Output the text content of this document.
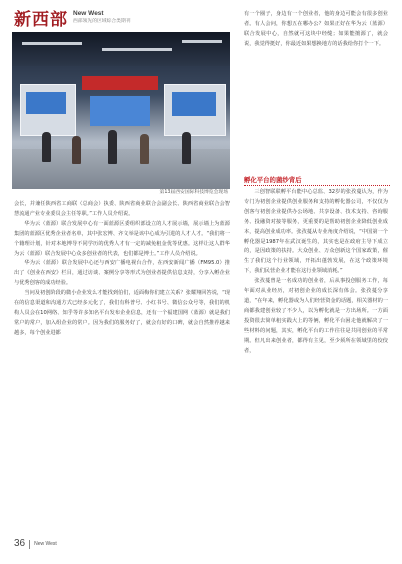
新西部 New West
西部领先的区域综合类期刊
第13届西安国际科技博览会现场

会长，并兼任陕西省工商联（总商会）执委、陕西省商业联合会副会长、陕西省商业联合会智慧流通产业专业委员会主任等职。”工作人员介绍说。

华为云（蓝源）联合发展中心有一面蓝源区委组织部设立的人才展示墙，展示墙上为蓝源集团的蓝源区优秀企业者名单，其中张宏博、齐文举是该中心成为引进的人才人才。“我们将一个籍理计划，针对本地博导不同学历的优秀人才有一定的减免租金优等优惠。这样让这人群华为云（蓝源）联合发展中心众多创业者的代表，也们都是博士。”工作人员介绍说。

华为云（蓝源）联合发展中心还与西安广播电视台合作，在西安新闻广播（FM95.0）推出了《创业在西安》栏目，通过访谈、案例分享等形式为创业者提供信息支持，分享入孵企业与优秀创客的成功经验。

当问及初创阶段的微小企业发么才能找到伯们，适面梅你们建立关系？张耀翔回答说，“现在的信息渠道和沟通方式已经多元化了，我们有科普号、小红书号、微信公众号等，我们的机构人员会在10网络、知乎等许多知名平台发布企业信息，还有一个福建国网（蓝源）就是我们常户的常户，加入组企业的常户。因为我们的服务好了，就会有好的口碑，就会自然推荐越来越多，每个创业进都

有一个圈子，身边有一个创业者，他的身边可能会有很多创业者。有人会问，你想五在哪办公？如果正好在华为云（蓝源）联合发展中心，自然就可这块中经缝；如果能擅源了，就会说，我觉得挺好，你最近如果想换地方的话我给你打个一下。

孵化平台的菌纱背后

三创智联联孵平台能中心总监、32岁的张孜蔓认为，作为专门为初创企业提供创业服务和支持的孵化器公司，不仅仅为创客与初创企业提供办公场地、共享设备、技术支持、咨询服务、投融资对接等服务，更重要的是帮助初创企业降低创业成本，提高创业成功率。张孜蔓从专业角度介绍说，“中国第一个孵化器是1987年在武汉诞生的，其实也是在政府主导下成立的，是因政策的扶持。大众创业、万众创新这个国家政策，催生了我们这个行业领域，开拓出蓬勃发展，在这个政策环境下，我们民营企业才能在这行业领域消耗。”

张孜蔓曾是一名成功的创业者，后从事投创服务工作，每年面对从业经历，对初创企业的成长深有体会。张孜蔓分享道，“在年来，孵化器或为人们经营资金的话题，相关器材的一商都我建创业较了不少人，以为孵化就是一方出场所。一方面投资很去简单租实践大上的等俩，孵化平台困走他就解决了一些材料的问题，其实，孵化平台的工作往往是共同创业的平常期。但凡出来创业者，都得有主见，至少须所在领域里的佼佼者，

36 New West
